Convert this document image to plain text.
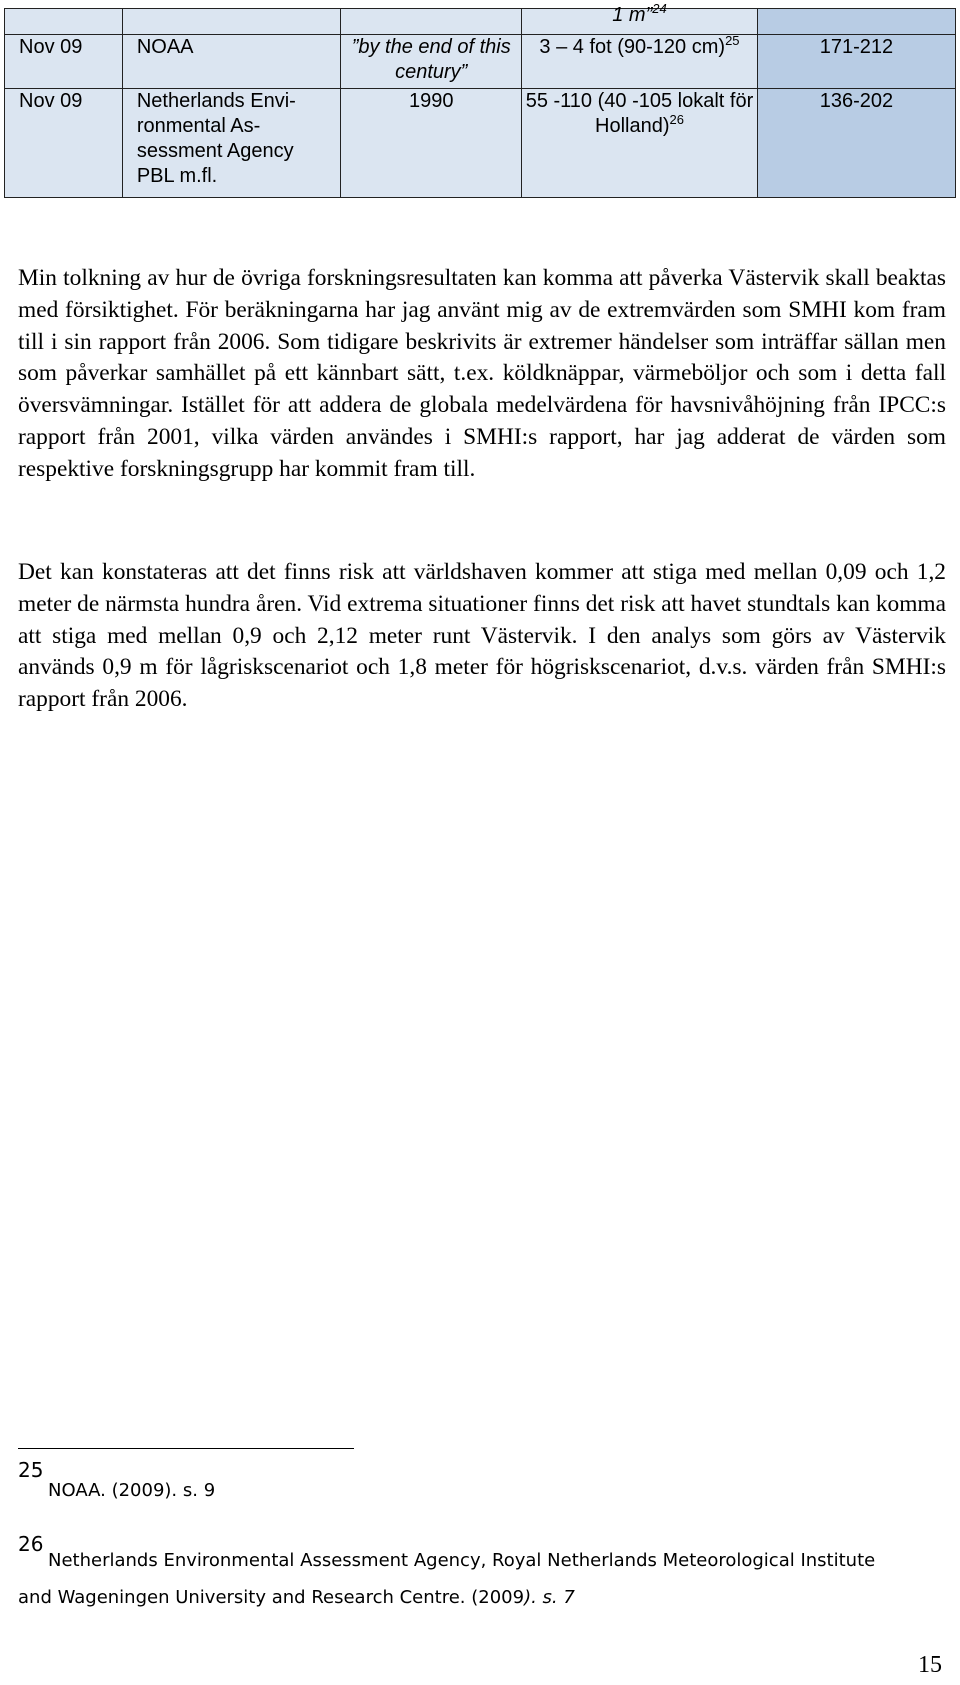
			1 m”$^{24}$	
Nov 09	NOAA	”by the end of this century”	3 – 4 fot (90-120 cm)$^{25}$	171-212
Nov 09	Netherlands Envi-ronmental As-sessment Agency PBL m.fl.	1990	55 -110 (40 -105 lokalt för Holland)$^{26}$	136-202

Min tolkning av hur de övriga forskningsresultaten kan komma att påverka Västervik skall beaktas med försiktighet. För beräkningarna har jag använt mig av de extremvärden som SMHI kom fram till i sin rapport från 2006. Som tidigare beskrivits är extremer händelser som inträffar sällan men som påverkar samhället på ett kännbart sätt, t.ex. köldknäppar, värmeböljor och som i detta fall översvämningar. Istället för att addera de globala medelvärdena för havsnivåhöjning från IPCC:s rapport från 2001, vilka värden användes i SMHI:s rapport, har jag adderat de värden som respektive forskningsgrupp har kommit fram till.

Det kan konstateras att det finns risk att världshaven kommer att stiga med mellan 0,09 och 1,2 meter de närmsta hundra åren. Vid extrema situationer finns det risk att havet stundtals kan komma att stiga med mellan 0,9 och 2,12 meter runt Västervik. I den analys som görs av Västervik används 0,9 m för lågriskscenariot och 1,8 meter för högriskscenariot, d.v.s. värden från SMHI:s rapport från 2006.

25
NOAA. (2009). s. 9
26
Netherlands Environmental Assessment Agency, Royal Netherlands Meteorological Institute
and Wageningen University and Research Centre. (2009). s. 7
15
